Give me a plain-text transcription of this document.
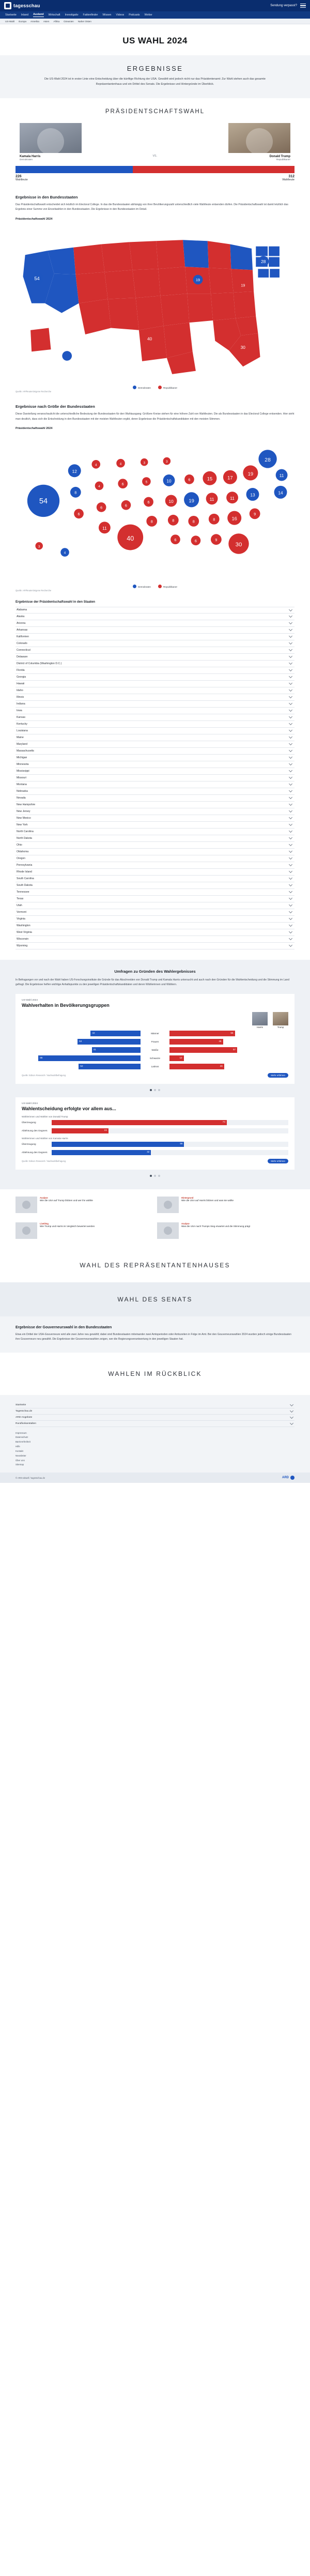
tagesschau	Sendung verpasst?
Startseite Inland Ausland Wirtschaft Investigativ Faktenfinder Wissen Videos Podcasts Wetter
US-Wahl Europa Amerika Asien Afrika Ozeanien Naher Osten
US WAHL 2024
ERGEBNISSE
Die US-Wahl 2024 ist in erster Linie eine Entscheidung über die künftige Richtung der USA. Gewählt wird jedoch nicht nur das Präsidentenamt: Zur Wahl stehen auch das gesamte Repräsentantenhaus und ein Drittel des Senats. Die Ergebnisse und Hintergründe im Überblick.
PRÄSIDENTSCHAFTSWAHL
Kamala Harris
Demokraten
vs.	Donald Trump
Republikaner
226
Wahlleute
312
Wahlleute
Ergebnisse in den Bundesstaaten

Das Präsidentschaftswahl entscheidet sich letztlich im Electoral College. In das die Bundesstaaten abhängig von ihrer Bevölkerungszahl unterschiedlich viele Wahlleute entsenden dürfen. Die Präsidentschaftswahl ist damit letztlich das Ergebnis einer Summe von Einzelwahlen in den Bundesstaaten. Die Ergebnisse in den Bundesstaaten im Detail.

Präsidentschaftswahl 2024
54
40
30
28
19
19
Demokraten	Republikaner
Quelle: AP/Reuters/eigene Recherche
Ergebnisse nach Größe der Bundesstaaten

Diese Darstellung veranschaulicht die unterschiedliche Bedeutung der Bundesstaaten für den Wahlausgang: Größere Kreise stehen für eine höhere Zahl von Wahlleuten. Die als Bundesstaaten in das Electoral College entsenden. Hier sieht man deutlich, dass sich die Entscheidung in den Bundesstaaten mit der meisten Wahlleuten ergibt, deren Ergebnisse die Präsidentschaftskandidaten mit den meisten Stimmen.

Präsidentschaftswahl 2024
54
12
8
6
4
4
6
11
4
6
6
40
3
5
6
8
3
10
10
8
6
6
19
8
6
15
11
8
9
17
11
16
30
19
13
9
28
11
14
3
4
Demokraten	Republikaner
Quelle: AP/Reuters/eigene Recherche
Ergebnisse der Präsidentschaftswahl in den Staaten
Alabama
Alaska
Arizona
Arkansas
Kalifornien
Colorado
Connecticut
Delaware
District of Columbia (Washington D.C.)
Florida
Georgia
Hawaii
Idaho
Illinois
Indiana
Iowa
Kansas
Kentucky
Louisiana
Maine
Maryland
Massachusetts
Michigan
Minnesota
Mississippi
Missouri
Montana
Nebraska
Nevada
New Hampshire
New Jersey
New Mexico
New York
North Carolina
North Dakota
Ohio
Oklahoma
Oregon
Pennsylvania
Rhode Island
South Carolina
South Dakota
Tennessee
Texas
Utah
Vermont
Virginia
Washington
West Virginia
Wisconsin
Wyoming
Umfragen zu Gründen des Wahlergebnisses
In Befragungen vor und nach der Wahl haben US-Forschungsinstitute die Gründe für das Abschneiden von Donald Trump und Kamala Harris untersucht und auch nach den Gründen für die Wahlentscheidung und die Stimmung im Land gefragt. Die Ergebnisse helfen wichtige Anhaltspunkte zu den jeweiligen Präsidentschaftskandidaten und deren Wählerinnen und Wählern.
US-Wahl 2024
Wahlverhalten in Bevölkerungsgruppen
Harris	Trump
42	Männer	55
53	Frauen	45
41	Weiße	57
86	Schwarze	12
52	Latinos	46
Quelle: Edison Research / Nachwahlbefragung	Mehr erfahren
US-Wahl 2024
Wahlentscheidung erfolgte vor allem aus...
Wählerinnen und Wähler von Donald Trump
Überzeugung	74
Ablehnung des Gegners	24
Wählerinnen und Wähler von Kamala Harris
Überzeugung	56
Ablehnung des Gegners	42
Quelle: Edison Research / Nachwahlbefragung	Mehr erfahren
Analyse
Wie die USA auf Trump blicken und wer ihn wählte
Hintergrund
Wie die USA auf Harris blicken und was sie wollte
Liveblog
Wie Trump und Harris im Vergleich bewertet werden
Analyse
Was die USA nach Trumps Sieg erwartet und die Stimmung prägt
WAHL DES REPRÄSENTANTENHAUSES
WAHL DES SENATS
Ergebnisse der Gouverneurswahl in den Bundesstaaten

Etwa ein Drittel der USA-Gouverneure wird alle zwei Jahre neu gewählt; dabei sind Bundesstaaten miteinander zwei Amtsperioden oder Amtszeiten in Folge im Amt. Bei den Gouverneurswahlen 2024 wurden jedoch einige Bundesstaaten ihre Gouverneure neu gewählt. Die Ergebnisse der Gouverneurswahlen zeigen, wer die Regierungsverantwortung in den jeweiligen Staaten hat.

WAHLEN IM RÜCKBLICK
Startseite
Tagesschau.de
ARD-Angebote
Rundfunkanstalten
Impressum
Datenschutz
Barrierefreiheit
Hilfe
Kontakt
Newsletter
Über uns
Sitemap
© ARD-aktuell / tagesschau.de	ARD
